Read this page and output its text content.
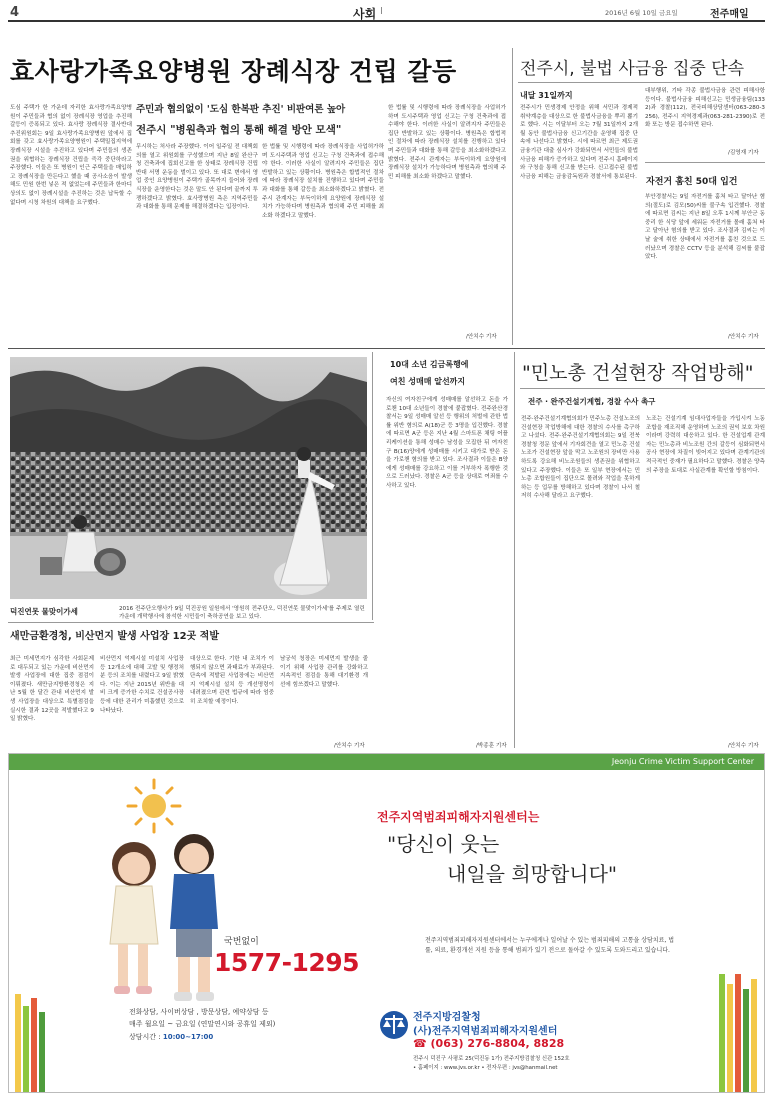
4	사회 I	2016년 6월 10일 금요일	전주매일
효사랑가족요양병원 장례식장 건립 갈등
도심 주택가 한 가운데 자리한 효사랑가족요양병원이 주민들과 협의 없이 장례식장 영업을 추진해 갈등이 증폭되고 있다. 효사랑 장례식장 결사반대 추진위원회는 9일 효사랑가족요양병원 앞에서 집회를 갖고 효사랑가족요양병원이 주택밀집지역에 장례식장 시설을 추진하고 있다며 주민들의 생존권을 위협하는 장례식장 건립을 즉각 중단하라고 주장했다. 이들은 또 병원이 인근 주택들을 매입하고 장례식장을 만든다고 했을 때 공사소음이 발생해도 민원 한번 넣은 적 없었는데 주민들과 한마디 상의도 없이 장례시설을 추진하는 것은 납득할 수 없다며 시청 차원의 대책을 요구했다.
주민과 협의없이 '도심 한복판 추진' 비판여론 높아
전주시 "병원측과 협의 통해 해결 방안 모색"
무시하는 처사라 주장했다. 이어 일주일 전 대책회의를 열고 위원회를 구성했으며 지난 8일 완산구청 건축과에 집회신고를 한 상태로 장례식장 건립 반대 서명 운동을 벌이고 있다. 또 대로 변에서 영업 중인 요양병원이 주택가 골목까지 들어와 장례식장을 운영한다는 것은 말도 안 된다며 끝까지 투쟁하겠다고 밝혔다. 효사랑병원 측은 지역주민들과 대화를 통해 문제를 해결하겠다는 입장이다.
한 법률 및 시행령에 따라 장례식장을 사업허가하며 도시주택과 영업 신고는 구청 건축과에 접수해야 한다. 이러한 사실이 알려지자 주민들은 집단 반발하고 있는 상황이다. 병원측은 합법적인 절차에 따라 장례식장 설치를 진행하고 있다며 주민들과 대화를 통해 갈등을 최소화하겠다고 밝혔다. 전주시 관계자는 부득이하게 요양원에 장례식장 설치가 가능하다며 병원측과 협의해 주민 피해를 최소화 하겠다고 말했다.
한 법률 및 시행령에 따라 장례식장을 사업허가하며 도시주택과 영업 신고는 구청 건축과에 접수해야 한다. 이러한 사실이 알려지자 주민들은 집단 반발하고 있는 상황이다. 병원측은 합법적인 절차에 따라 장례식장 설치를 진행하고 있다며 주민들과 대화를 통해 갈등을 최소화하겠다고 밝혔다. 전주시 관계자는 부득이하게 요양원에 장례식장 설치가 가능하다며 병원측과 협의해 주민 피해를 최소화 하겠다고 말했다.
/안치수 기자
전주시, 불법 사금융 집중 단속
내달 31일까지
전주시가 민생경제 안정을 위해 서민과 경제적 취약계층을 대상으로 한 불법사금융을 뿌리 뽑기로 했다. 시는 이달부터 오는 7월 31일까지 2개월 동안 불법사금융 신고기간을 운영해 집중 단속에 나선다고 밝혔다. 시에 따르면 최근 제도권 금융기관 대출 심사가 강화되면서 서민들의 불법사금융 피해가 증가하고 있다며 전주시 홈페이지와 구청을 통해 신고를 받는다. 신고접수된 불법사금융 피해는 금융감독원과 경찰서에 통보된다.
대부행위, 기타 각종 불법사금융 관련 피해사항 등이다. 불법사금융 피해신고는 민생금융팀(1332)과 경찰(112), 전국피해상담센터(063-280-3256), 전주시 지역경제과(063-281-2390)로 전화 또는 방문 접수하면 된다.
/김영재 기자
자전거 훔친 50대 입건
부안경찰서는 9일 자전거를 훔쳐 타고 달아난 혐의(절도)로 김모(50)씨를 불구속 입건했다. 경찰에 따르면 김씨는 지난 8일 오후 1시께 부안군 동중리 한 식당 앞에 세워둔 자전거를 몰래 훔쳐 타고 달아난 혐의를 받고 있다. 조사결과 김씨는 이날 술에 취한 상태에서 자전거를 훔친 것으로 드러났으며 경찰은 CCTV 등을 분석해 김씨를 붙잡았다.
/안치수 기자
덕진연못 물맞이가세	2016 전주단오행사가 9일 덕진공원 일원에서 '영원히 전주단오, 덕진연못 물맞이가세'를 주제로 열린 가운데 개막행사에 참석한 시민들이 축하공연을 보고 있다.
10대 소년 김금록행에
여친 성매매 알선까지
자신의 여자친구에게 성매매를 알선하고 돈을 가로챈 10대 소년들이 경찰에 붙잡혔다. 전주완산경찰서는 9일 성매매 알선 등 행위의 처벌에 관한 법률 위반 혐의로 A(18)군 등 3명을 입건했다. 경찰에 따르면 A군 등은 지난 4월 스마트폰 채팅 어플리케이션을 통해 성매수 남성을 모집한 뒤 여자친구 B(16)양에게 성매매를 시키고 대가로 받은 돈을 가로챈 혐의를 받고 있다. 조사결과 이들은 B양에게 성매매를 강요하고 이를 거부하자 폭행한 것으로 드러났다. 경찰은 A군 등을 상대로 여죄를 수사하고 있다.
/박종훈 기자
"민노총 건설현장 작업방해"
전주 · 완주건설기계협, 경찰 수사 촉구
전주·완주건설기계협의회가 민주노총 건설노조의 건설현장 작업방해에 대한 경찰의 수사를 촉구하고 나섰다. 전주·완주건설기계협의회는 9일 전북경찰청 정문 앞에서 기자회견을 열고 민노총 건설노조가 건설현장 앞을 막고 노조원의 장비만 사용하도록 강요해 비노조원들의 생존권을 위협하고 있다고 주장했다. 이들은 또 일부 현장에서는 민노총 조합원들이 집단으로 몰려와 작업을 못하게 하는 등 업무를 방해하고 있다며 경찰이 나서 철저히 수사해 달라고 요구했다.
노조는 건설기계 임대사업자들을 가입시켜 노동조합을 재조직해 운영하며 노조의 권익 보호 차원이라며 강력히 대응하고 있다. 한 건설업계 관계자는 민노총과 비노조원 간의 갈등이 심화되면서 공사 현장에 차질이 빚어지고 있다며 관계기관의 적극적인 중재가 필요하다고 말했다. 경찰은 양측의 주장을 토대로 사실관계를 확인할 방침이다.
/안치수 기자
새만금환경청, 비산먼지 발생 사업장 12곳 적발
최근 미세먼지가 심각한 사회문제로 대두되고 있는 가운데 비산먼지 발생 사업장에 대한 집중 점검이 이뤄졌다. 새만금지방환경청은 지난 5월 한 달간 관내 비산먼지 발생 사업장을 대상으로 특별점검을 실시한 결과 12곳을 적발했다고 9일 밝혔다.
비산먼지 억제시설 미설치 사업장 등 12개소에 대해 고발 및 행정처분 등의 조치를 내렸다고 9일 밝혔다. 이는 지난 2015년 위반율 대비 크게 증가한 수치로 건설공사장 등에 대한 관리가 미흡했던 것으로 나타났다.
대상으로 한다. 기한 내 조치가 이행되지 않으면 과태료가 부과된다. 단속에 적발된 사업장에는 비산먼지 억제시설 설치 등 개선명령이 내려졌으며 관련 법규에 따라 엄중히 조치할 예정이다.
남궁석 청장은 미세먼지 발생을 줄이기 위해 사업장 관리를 강화하고 지속적인 점검을 통해 대기환경 개선에 힘쓰겠다고 말했다.
/안치수 기자
Jeonju Crime Victim Support Center
국번없이
1577-1295
전화상담, 사이버상담 , 방문상담, 예약상담 등
매주 월요일 ~ 금요일 (연말연시와 공휴일 제외)
상담시간 : 10:00~17:00
전주지역범죄피해자지원센터는
"당신이 웃는
내일을 희망합니다"
전주지역범죄피해자지원센터에서는 누구에게나 일어날 수 있는 범죄피해의 고통을 상담치료, 법률, 의료, 환경개선 지원 등을 통해 범죄가 있기 전으로 돌아갈 수 있도록 도와드리고 있습니다.
전주지방검찰청
(사)전주지역범죄피해자지원센터
☎ (063) 276-8804, 8828
전주시 덕진구 사평로 25(덕진동 1가) 전주지방검찰청 신관 152호
• 홈페이지 : www.jvs.or.kr • 전자우편 : jvs@hanmail.net
